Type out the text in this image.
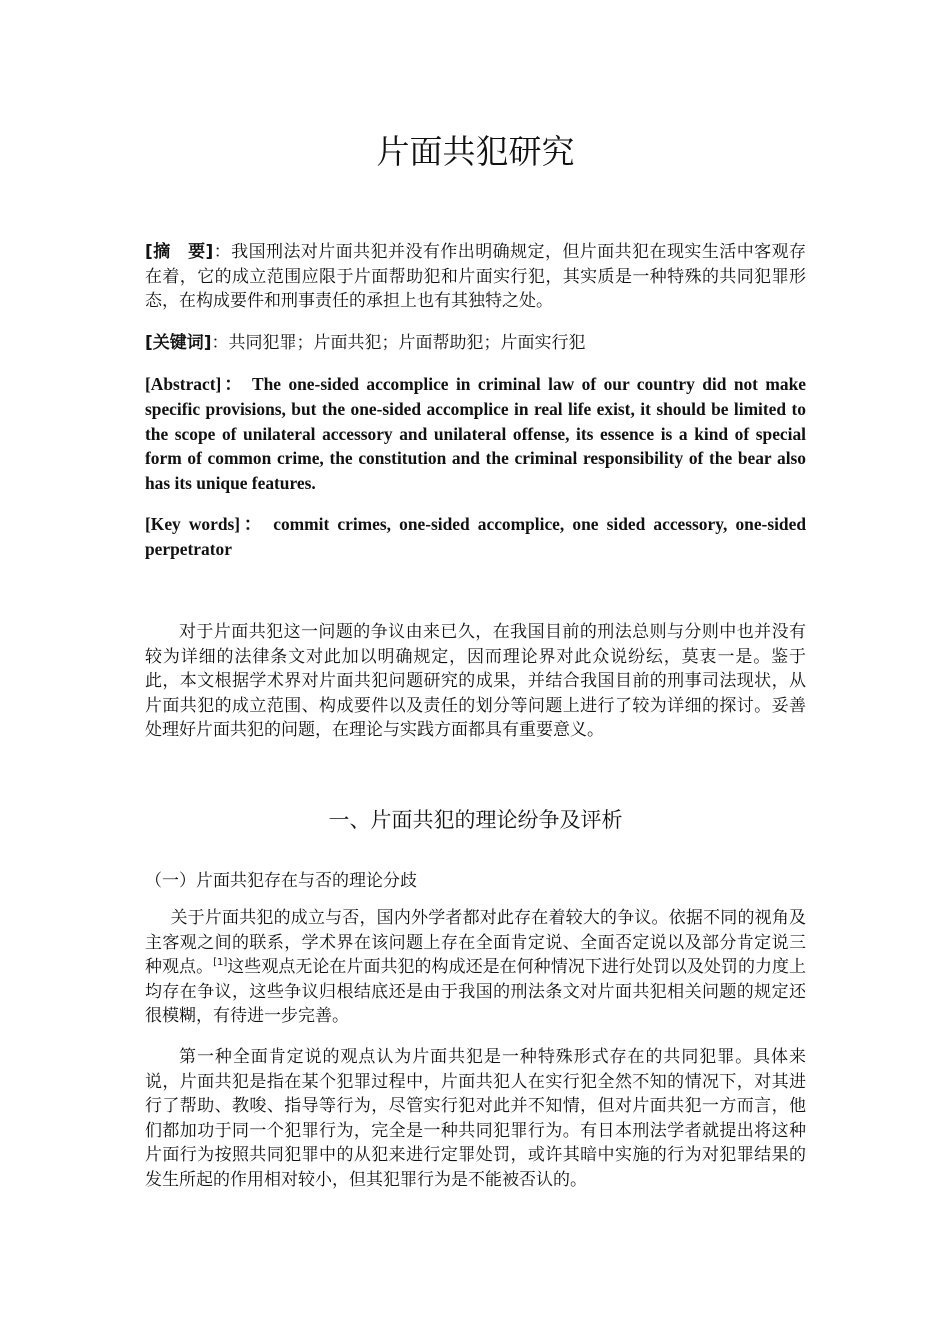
片面共犯研究

[摘　要]：我国刑法对片面共犯并没有作出明确规定，但片面共犯在现实生活中客观存在着，它的成立范围应限于片面帮助犯和片面实行犯，其实质是一种特殊的共同犯罪形态，在构成要件和刑事责任的承担上也有其独特之处。

[关键词]：共同犯罪；片面共犯；片面帮助犯；片面实行犯

[Abstract]： The one-sided accomplice in criminal law of our country did not make specific provisions, but the one-sided accomplice in real life exist, it should be limited to the scope of unilateral accessory and unilateral offense, its essence is a kind of special form of common crime, the constitution and the criminal responsibility of the bear also has its unique features.

[Key words]： commit crimes, one-sided accomplice, one sided accessory, one-sided perpetrator

对于片面共犯这一问题的争议由来已久，在我国目前的刑法总则与分则中也并没有较为详细的法律条文对此加以明确规定，因而理论界对此众说纷纭，莫衷一是。鉴于此，本文根据学术界对片面共犯问题研究的成果，并结合我国目前的刑事司法现状，从片面共犯的成立范围、构成要件以及责任的划分等问题上进行了较为详细的探讨。妥善处理好片面共犯的问题，在理论与实践方面都具有重要意义。

一、片面共犯的理论纷争及评析
（一）片面共犯存在与否的理论分歧

关于片面共犯的成立与否，国内外学者都对此存在着较大的争议。依据不同的视角及主客观之间的联系，学术界在该问题上存在全面肯定说、全面否定说以及部分肯定说三种观点。[1]这些观点无论在片面共犯的构成还是在何种情况下进行处罚以及处罚的力度上均存在争议，这些争议归根结底还是由于我国的刑法条文对片面共犯相关问题的规定还很模糊，有待进一步完善。

第一种全面肯定说的观点认为片面共犯是一种特殊形式存在的共同犯罪。具体来说，片面共犯是指在某个犯罪过程中，片面共犯人在实行犯全然不知的情况下，对其进行了帮助、教唆、指导等行为，尽管实行犯对此并不知情，但对片面共犯一方而言，他们都加功于同一个犯罪行为，完全是一种共同犯罪行为。有日本刑法学者就提出将这种片面行为按照共同犯罪中的从犯来进行定罪处罚，或许其暗中实施的行为对犯罪结果的发生所起的作用相对较小，但其犯罪行为是不能被否认的。
